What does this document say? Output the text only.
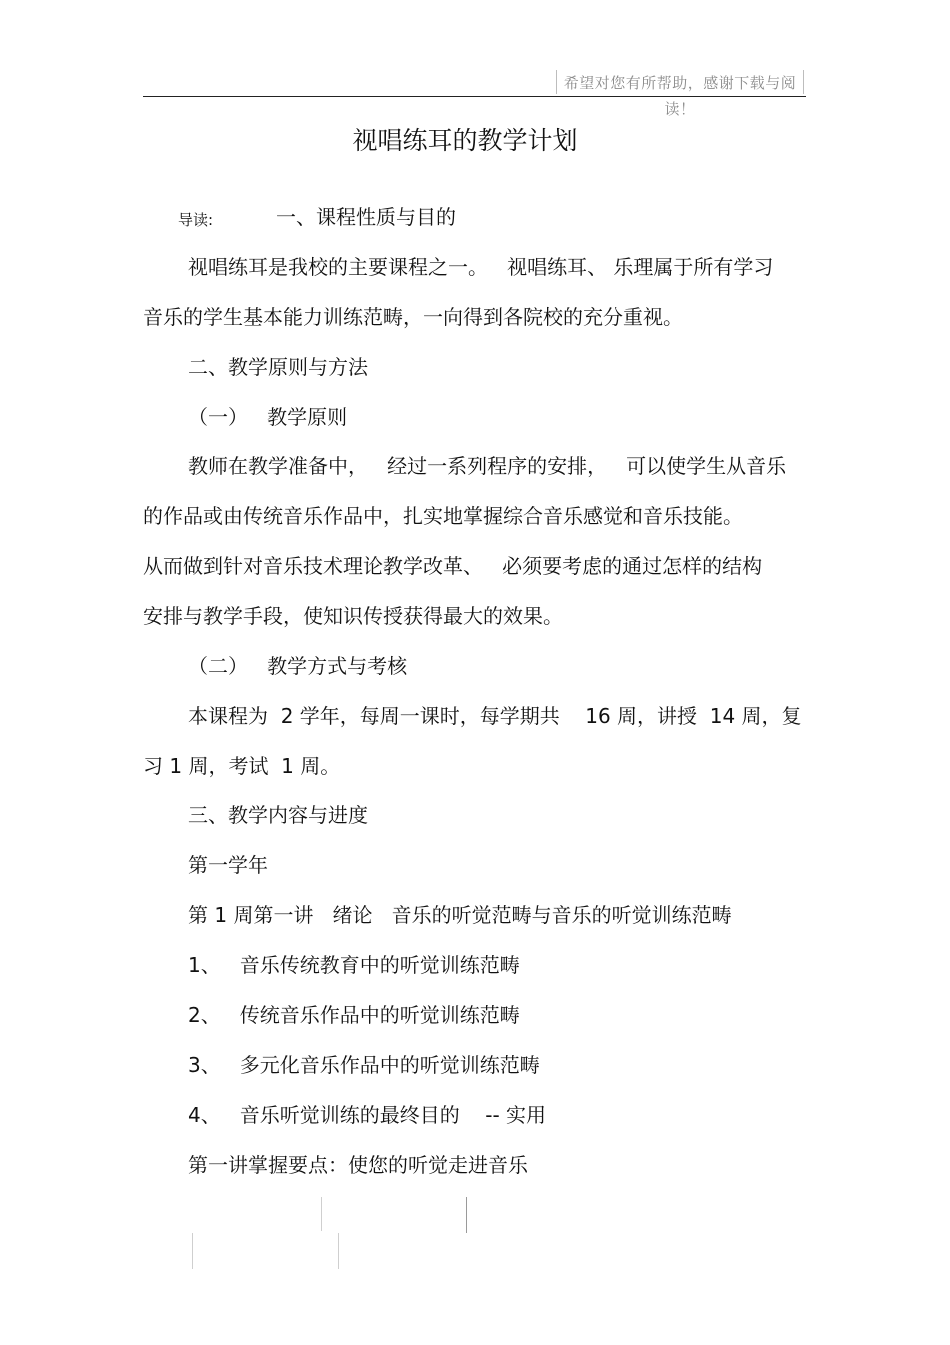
希望对您有所帮助，感谢下载与阅读！
视唱练耳的教学计划
导读:	一、课程性质与目的
视唱练耳是我校的主要课程之一。   视唱练耳、 乐理属于所有学习
音乐的学生基本能力训练范畴，一向得到各院校的充分重视。
二、教学原则与方法
（一）   教学原则
教师在教学准备中，   经过一系列程序的安排，   可以使学生从音乐
的作品或由传统音乐作品中，扎实地掌握综合音乐感觉和音乐技能。
从而做到针对音乐技术理论教学改革、   必须要考虑的通过怎样的结构
安排与教学手段，使知识传授获得最大的效果。
（二）   教学方式与考核
本课程为  2 学年，每周一课时，每学期共    16 周，讲授  14 周，复
习 1 周，考试  1 周。
三、教学内容与进度
第一学年
第 1 周第一讲   绪论   音乐的听觉范畴与音乐的听觉训练范畴
1、   音乐传统教育中的听觉训练范畴
2、   传统音乐作品中的听觉训练范畴
3、   多元化音乐作品中的听觉训练范畴
4、   音乐听觉训练的最终目的    -- 实用
第一讲掌握要点：使您的听觉走进音乐
